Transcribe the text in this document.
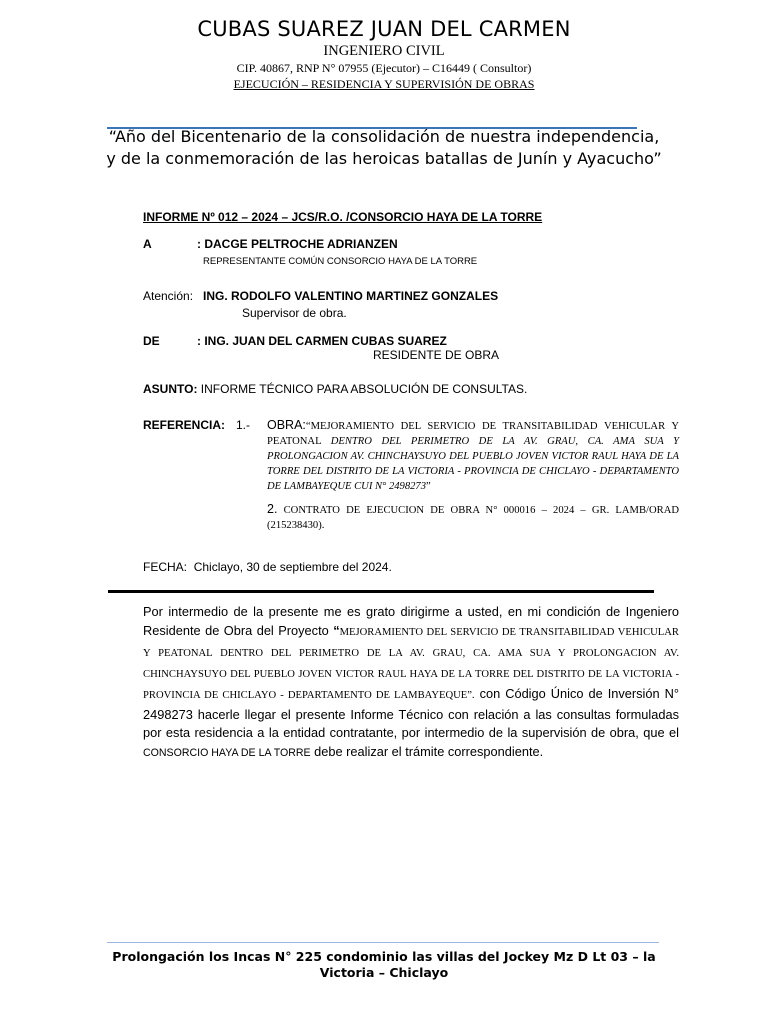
CUBAS SUAREZ JUAN DEL CARMEN
INGENIERO CIVIL
CIP. 40867, RNP N° 07955 (Ejecutor) – C16449 ( Consultor)
EJECUCIÓN – RESIDENCIA Y SUPERVISIÓN DE OBRAS
“Año del Bicentenario de la consolidación de nuestra independencia,
y de la conmemoración de las heroicas batallas de Junín y Ayacucho”
INFORME Nº 012 – 2024 – JCS/R.O. /CONSORCIO HAYA DE LA TORRE
A	: DACGE PELTROCHE ADRIANZEN
REPRESENTANTE COMÚN CONSORCIO HAYA DE LA TORRE
Atención: ING. RODOLFO VALENTINO MARTINEZ GONZALES
Supervisor de obra.
DE	: ING. JUAN DEL CARMEN CUBAS SUAREZ
RESIDENTE DE OBRA
ASUNTO: INFORME TÉCNICO PARA ABSOLUCIÓN DE CONSULTAS.
REFERENCIA: 1.- OBRA:“MEJORAMIENTO DEL SERVICIO DE TRANSITABILIDAD VEHICULAR Y PEATONAL DENTRO DEL PERIMETRO DE LA AV. GRAU, CA. AMA SUA Y PROLONGACION AV. CHINCHAYSUYO DEL PUEBLO JOVEN VICTOR RAUL HAYA DE LA TORRE DEL DISTRITO DE LA VICTORIA - PROVINCIA DE CHICLAYO - DEPARTAMENTO DE LAMBAYEQUE CUI N° 2498273”
2. CONTRATO DE EJECUCION DE OBRA N° 000016 – 2024 – GR. LAMB/ORAD (215238430).
FECHA: Chiclayo, 30 de septiembre del 2024.
Por intermedio de la presente me es grato dirigirme a usted, en mi condición de Ingeniero Residente de Obra del Proyecto “MEJORAMIENTO DEL SERVICIO DE TRANSITABILIDAD VEHICULAR Y PEATONAL DENTRO DEL PERIMETRO DE LA AV. GRAU, CA. AMA SUA Y PROLONGACION AV. CHINCHAYSUYO DEL PUEBLO JOVEN VICTOR RAUL HAYA DE LA TORRE DEL DISTRITO DE LA VICTORIA - PROVINCIA DE CHICLAYO - DEPARTAMENTO DE LAMBAYEQUE”. con Código Único de Inversión N° 2498273 hacerle llegar el presente Informe Técnico con relación a las consultas formuladas por esta residencia a la entidad contratante, por intermedio de la supervisión de obra, que el CONSORCIO HAYA DE LA TORRE debe realizar el trámite correspondiente.
Prolongación los Incas N° 225 condominio las villas del Jockey Mz D Lt 03 – la
Victoria – Chiclayo
